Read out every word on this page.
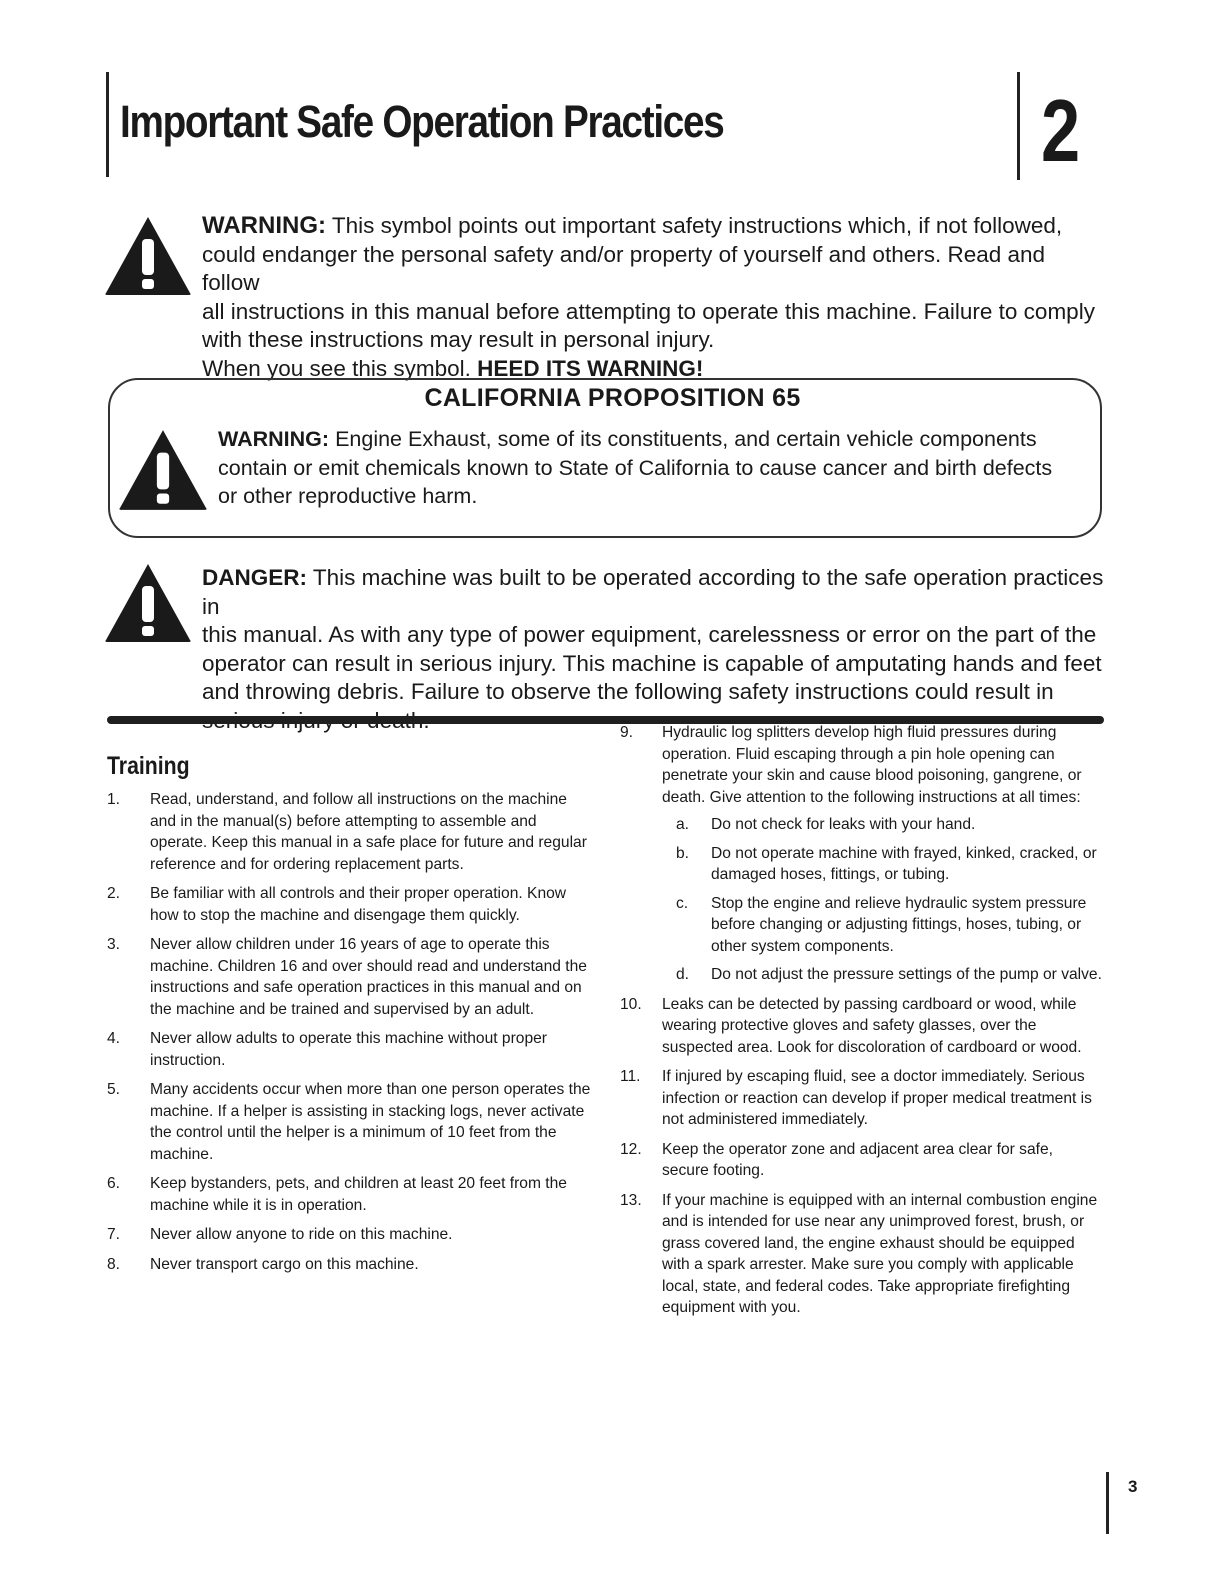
Important Safe Operation Practices	2
WARNING: This symbol points out important safety instructions which, if not followed,
could endanger the personal safety and/or property of yourself and others. Read and follow
all instructions in this manual before attempting to operate this machine. Failure to comply
with these instructions may result in personal injury.
When you see this symbol. HEED ITS WARNING!
CALIFORNIA PROPOSITION 65
WARNING: Engine Exhaust, some of its constituents, and certain vehicle components
contain or emit chemicals known to State of California to cause cancer and birth defects
or other reproductive harm.
DANGER: This machine was built to be operated according to the safe operation practices in
this manual. As with any type of power equipment, carelessness or error on the part of the
operator can result in serious injury. This machine is capable of amputating hands and feet
and throwing debris. Failure to observe the following safety instructions could result in
Training
1. Read, understand, and follow all instructions on the machine and in the manual(s) before attempting to assemble and operate. Keep this manual in a safe place for future and regular reference and for ordering replacement parts.
2. Be familiar with all controls and their proper operation. Know how to stop the machine and disengage them quickly.
3. Never allow children under 16 years of age to operate this machine. Children 16 and over should read and understand the instructions and safe operation practices in this manual and on the machine and be trained and supervised by an adult.
4. Never allow adults to operate this machine without proper instruction.
5. Many accidents occur when more than one person operates the machine. If a helper is assisting in stacking logs, never activate the control until the helper is a minimum of 10 feet from the machine.
6. Keep bystanders, pets, and children at least 20 feet from the machine while it is in operation.
7. Never allow anyone to ride on this machine.
8. Never transport cargo on this machine.
9. Hydraulic log splitters develop high fluid pressures during operation. Fluid escaping through a pin hole opening can penetrate your skin and cause blood poisoning, gangrene, or death. Give attention to the following instructions at all times:
a. Do not check for leaks with your hand.
b. Do not operate machine with frayed, kinked, cracked, or damaged hoses, fittings, or tubing.
c. Stop the engine and relieve hydraulic system pressure before changing or adjusting fittings, hoses, tubing, or other system components.
d. Do not adjust the pressure settings of the pump or valve.
10. Leaks can be detected by passing cardboard or wood, while wearing protective gloves and safety glasses, over the suspected area. Look for discoloration of cardboard or wood.
11. If injured by escaping fluid, see a doctor immediately. Serious infection or reaction can develop if proper medical treatment is not administered immediately.
12. Keep the operator zone and adjacent area clear for safe, secure footing.
13. If your machine is equipped with an internal combustion engine and is intended for use near any unimproved forest, brush, or grass covered land, the engine exhaust should be equipped with a spark arrester. Make sure you comply with applicable local, state, and federal codes. Take appropriate firefighting equipment with you.
3
